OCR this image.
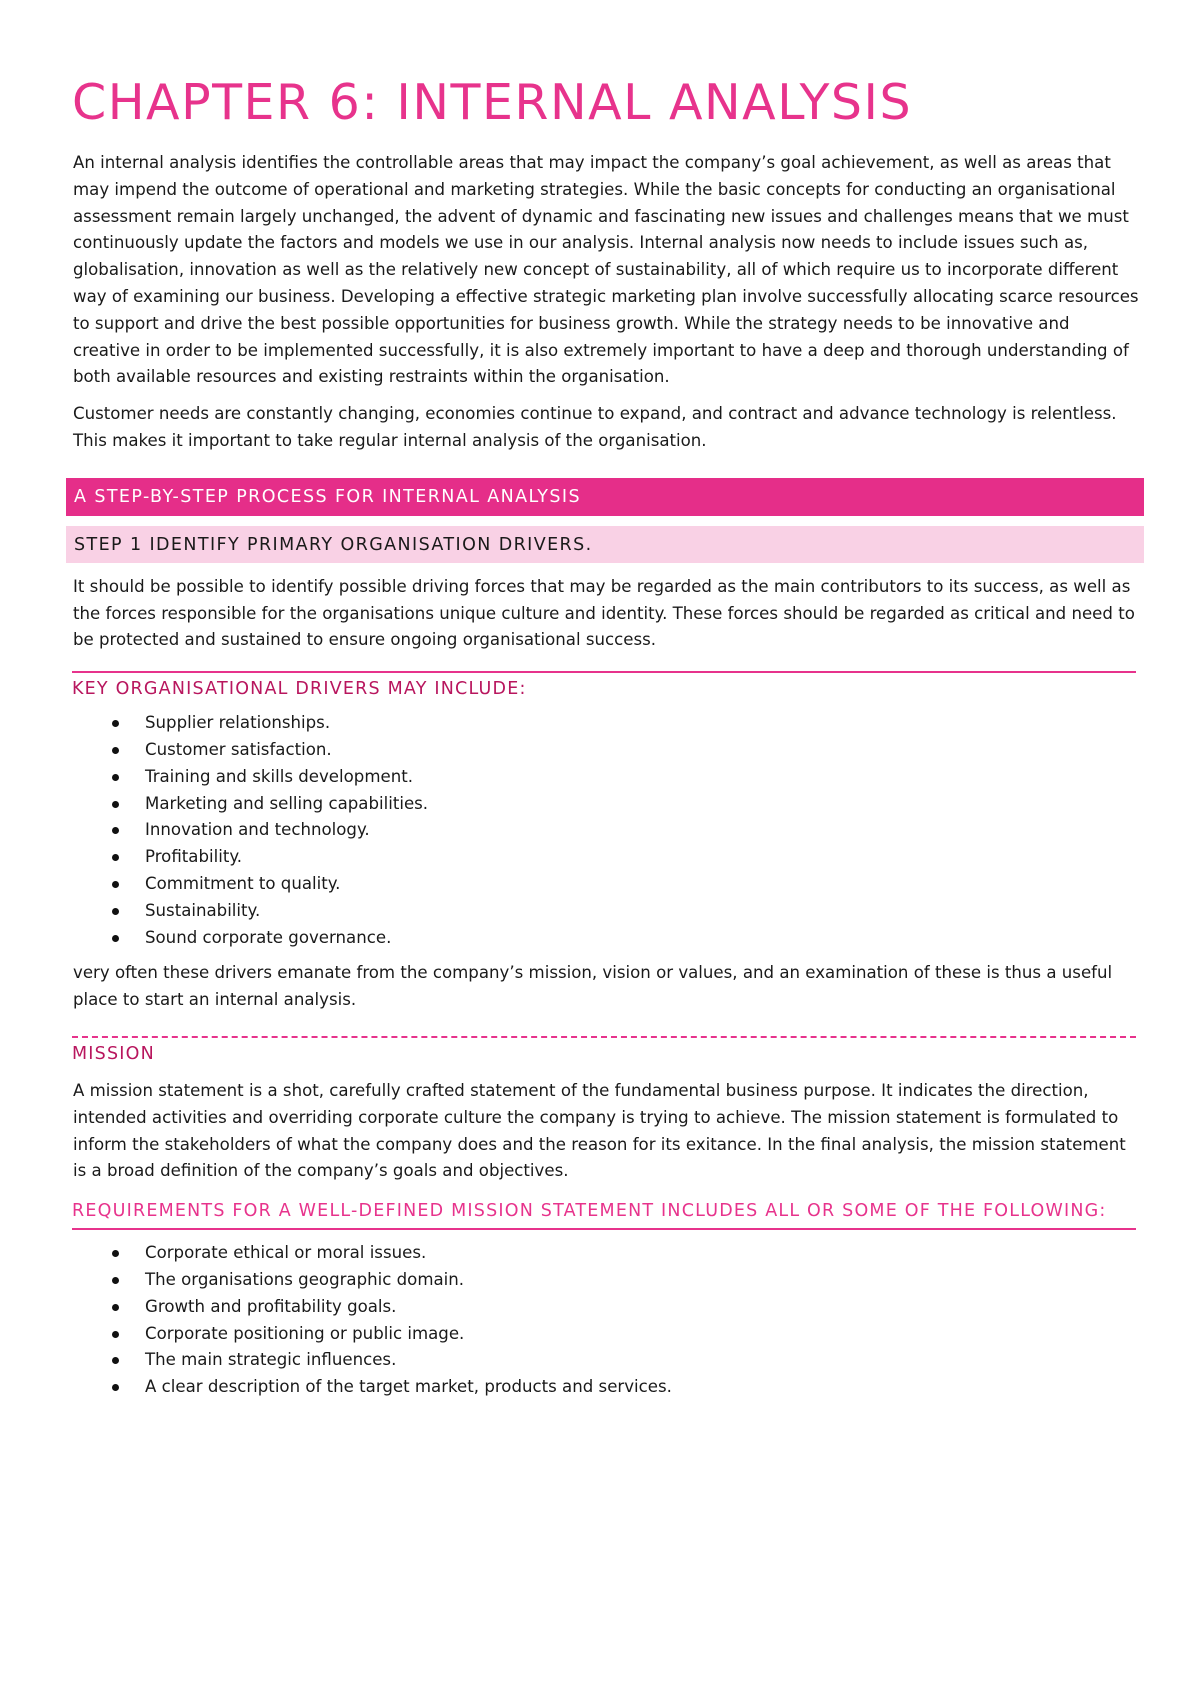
CHAPTER 6: INTERNAL ANALYSIS

An internal analysis identifies the controllable areas that may impact the company’s goal achievement, as well as areas that may impend the outcome of operational and marketing strategies. While the basic concepts for conducting an organisational assessment remain largely unchanged, the advent of dynamic and fascinating new issues and challenges means that we must continuously update the factors and models we use in our analysis. Internal analysis now needs to include issues such as, globalisation, innovation as well as the relatively new concept of sustainability, all of which require us to incorporate different way of examining our business. Developing a effective strategic marketing plan involve successfully allocating scarce resources to support and drive the best possible opportunities for business growth. While the strategy needs to be innovative and creative in order to be implemented successfully, it is also extremely important to have a deep and thorough understanding of both available resources and existing restraints within the organisation.

Customer needs are constantly changing, economies continue to expand, and contract and advance technology is relentless. This makes it important to take regular internal analysis of the organisation.

A STEP-BY-STEP PROCESS FOR INTERNAL ANALYSIS
STEP 1 IDENTIFY PRIMARY ORGANISATION DRIVERS.

It should be possible to identify possible driving forces that may be regarded as the main contributors to its success, as well as the forces responsible for the organisations unique culture and identity. These forces should be regarded as critical and need to be protected and sustained to ensure ongoing organisational success.

KEY ORGANISATIONAL DRIVERS MAY INCLUDE:
Supplier relationships.
Customer satisfaction.
Training and skills development.
Marketing and selling capabilities.
Innovation and technology.
Profitability.
Commitment to quality.
Sustainability.
Sound corporate governance.

very often these drivers emanate from the company’s mission, vision or values, and an examination of these is thus a useful place to start an internal analysis.

MISSION

A mission statement is a shot, carefully crafted statement of the fundamental business purpose. It indicates the direction, intended activities and overriding corporate culture the company is trying to achieve. The mission statement is formulated to inform the stakeholders of what the company does and the reason for its exitance. In the final analysis, the mission statement is a broad definition of the company’s goals and objectives.

REQUIREMENTS FOR A WELL-DEFINED MISSION STATEMENT INCLUDES ALL OR SOME OF THE FOLLOWING:
Corporate ethical or moral issues.
The organisations geographic domain.
Growth and profitability goals.
Corporate positioning or public image.
The main strategic influences.
A clear description of the target market, products and services.
